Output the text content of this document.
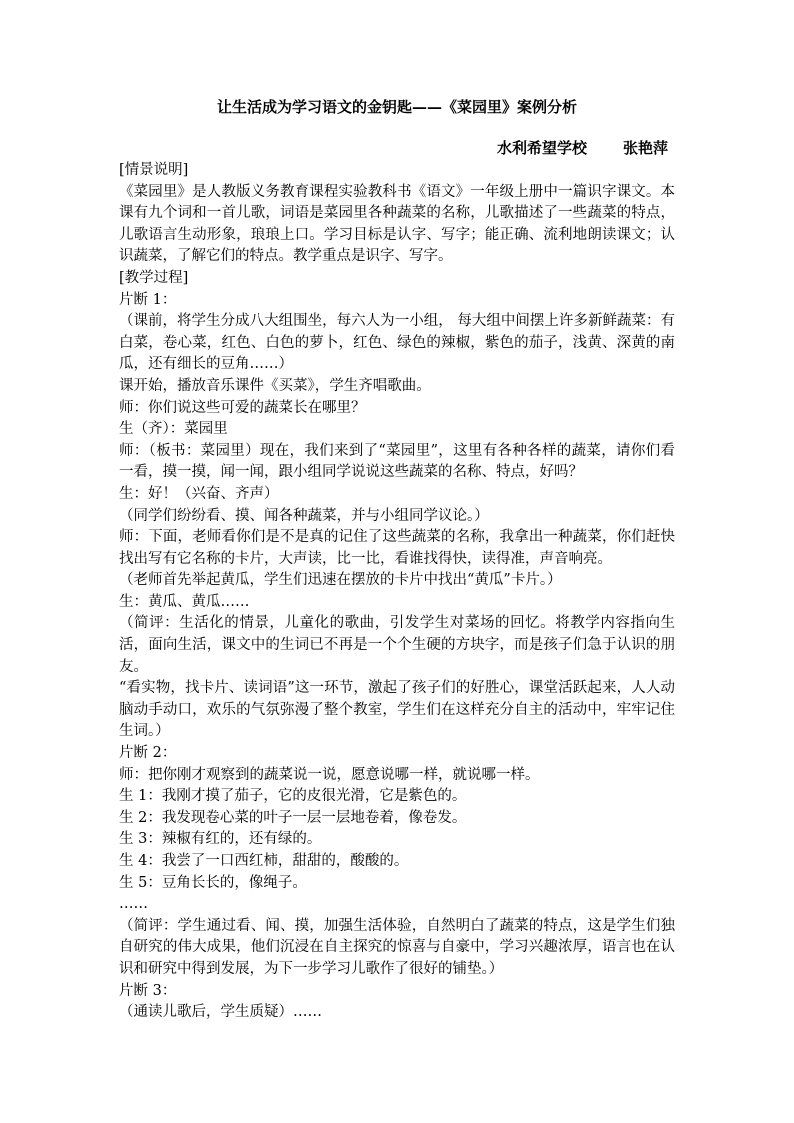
让生活成为学习语文的金钥匙——《菜园里》案例分析
水利希望学校 张艳萍

[情景说明]

《菜园里》是人教版义务教育课程实验教科书《语文》一年级上册中一篇识字课文。本课有九个词和一首儿歌，词语是菜园里各种蔬菜的名称，儿歌描述了一些蔬菜的特点，儿歌语言生动形象，琅琅上口。学习目标是认字、写字；能正确、流利地朗读课文；认识蔬菜，了解它们的特点。教学重点是识字、写字。

[教学过程]

片断 1：

（课前，将学生分成八大组围坐，每六人为一小组， 每大组中间摆上许多新鲜蔬菜：有白菜，卷心菜，红色、白色的萝卜，红色、绿色的辣椒，紫色的茄子，浅黄、深黄的南瓜，还有细长的豆角……）

课开始，播放音乐课件《买菜》，学生齐唱歌曲。

师：你们说这些可爱的蔬菜长在哪里？

生（齐）：菜园里

师：（板书：菜园里）现在，我们来到了“菜园里”，这里有各种各样的蔬菜，请你们看一看，摸一摸，闻一闻，跟小组同学说说这些蔬菜的名称、特点，好吗？

生：好！（兴奋、齐声）

（同学们纷纷看、摸、闻各种蔬菜，并与小组同学议论。）

师：下面，老师看你们是不是真的记住了这些蔬菜的名称，我拿出一种蔬菜，你们赶快找出写有它名称的卡片，大声读，比一比，看谁找得快，读得准，声音响亮。

（老师首先举起黄瓜，学生们迅速在摆放的卡片中找出“黄瓜”卡片。）

生：黄瓜、黄瓜……

（简评：生活化的情景，儿童化的歌曲，引发学生对菜场的回忆。将教学内容指向生活，面向生活，课文中的生词已不再是一个个生硬的方块字，而是孩子们急于认识的朋友。

“看实物，找卡片、读词语”这一环节，激起了孩子们的好胜心，课堂活跃起来，人人动脑动手动口，欢乐的气氛弥漫了整个教室，学生们在这样充分自主的活动中，牢牢记住生词。）

片断 2：

师：把你刚才观察到的蔬菜说一说，愿意说哪一样，就说哪一样。

生 1：我刚才摸了茄子，它的皮很光滑，它是紫色的。

生 2：我发现卷心菜的叶子一层一层地卷着，像卷发。

生 3：辣椒有红的，还有绿的。

生 4：我尝了一口西红柿，甜甜的，酸酸的。

生 5：豆角长长的，像绳子。

……

（简评：学生通过看、闻、摸，加强生活体验，自然明白了蔬菜的特点，这是学生们独自研究的伟大成果，他们沉浸在自主探究的惊喜与自豪中，学习兴趣浓厚，语言也在认识和研究中得到发展，为下一步学习儿歌作了很好的铺垫。）

片断 3：

（通读儿歌后，学生质疑）……
